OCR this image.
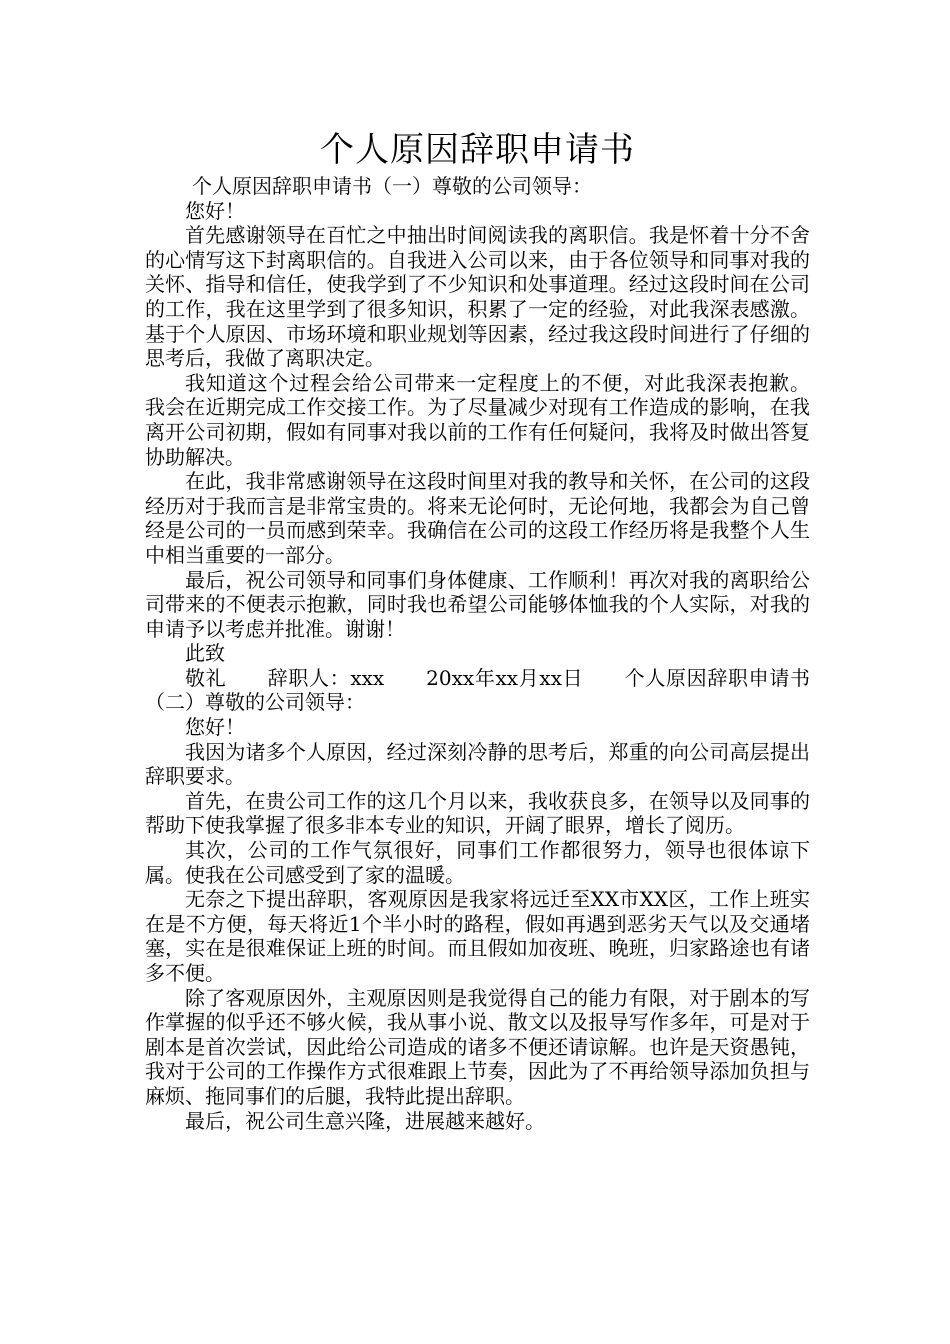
个人原因辞职申请书

个人原因辞职申请书（一）尊敬的公司领导：

您好！

首先感谢领导在百忙之中抽出时间阅读我的离职信。我是怀着十分不舍的心情写这下封离职信的。自我进入公司以来，由于各位领导和同事对我的关怀、指导和信任，使我学到了不少知识和处事道理。经过这段时间在公司的工作，我在这里学到了很多知识，积累了一定的经验，对此我深表感激。 基于个人原因、市场环境和职业规划等因素，经过我这段时间进行了仔细的思考后，我做了离职决定。

我知道这个过程会给公司带来一定程度上的不便，对此我深表抱歉。 我会在近期完成工作交接工作。为了尽量减少对现有工作造成的影响，在我离开公司初期，假如有同事对我以前的工作有任何疑问，我将及时做出答复协助解决。

在此，我非常感谢领导在这段时间里对我的教导和关怀，在公司的这段经历对于我而言是非常宝贵的。将来无论何时，无论何地，我都会为自己曾经是公司的一员而感到荣幸。我确信在公司的这段工作经历将是我整个人生中相当重要的一部分。

最后，祝公司领导和同事们身体健康、工作顺利！再次对我的离职给公司带来的不便表示抱歉，同时我也希望公司能够体恤我的个人实际，对我的申请予以考虑并批准。谢谢！

此致

敬礼　　辞职人：xxx　　20xx年xx月xx日　　个人原因辞职申请书（二）尊敬的公司领导：

您好！

我因为诸多个人原因，经过深刻冷静的思考后，郑重的向公司高层提出辞职要求。

首先，在贵公司工作的这几个月以来，我收获良多，在领导以及同事的帮助下使我掌握了很多非本专业的知识，开阔了眼界，增长了阅历。

其次，公司的工作气氛很好，同事们工作都很努力，领导也很体谅下属。使我在公司感受到了家的温暖。

无奈之下提出辞职，客观原因是我家将远迁至XX市XX区，工作上班实在是不方便，每天将近1个半小时的路程，假如再遇到恶劣天气以及交通堵塞，实在是很难保证上班的时间。而且假如加夜班、晚班，归家路途也有诸多不便。

除了客观原因外，主观原因则是我觉得自己的能力有限，对于剧本的写作掌握的似乎还不够火候，我从事小说、散文以及报导写作多年，可是对于剧本是首次尝试，因此给公司造成的诸多不便还请谅解。也许是天资愚钝，我对于公司的工作操作方式很难跟上节奏，因此为了不再给领导添加负担与麻烦、拖同事们的后腿，我特此提出辞职。

最后，祝公司生意兴隆，进展越来越好。
